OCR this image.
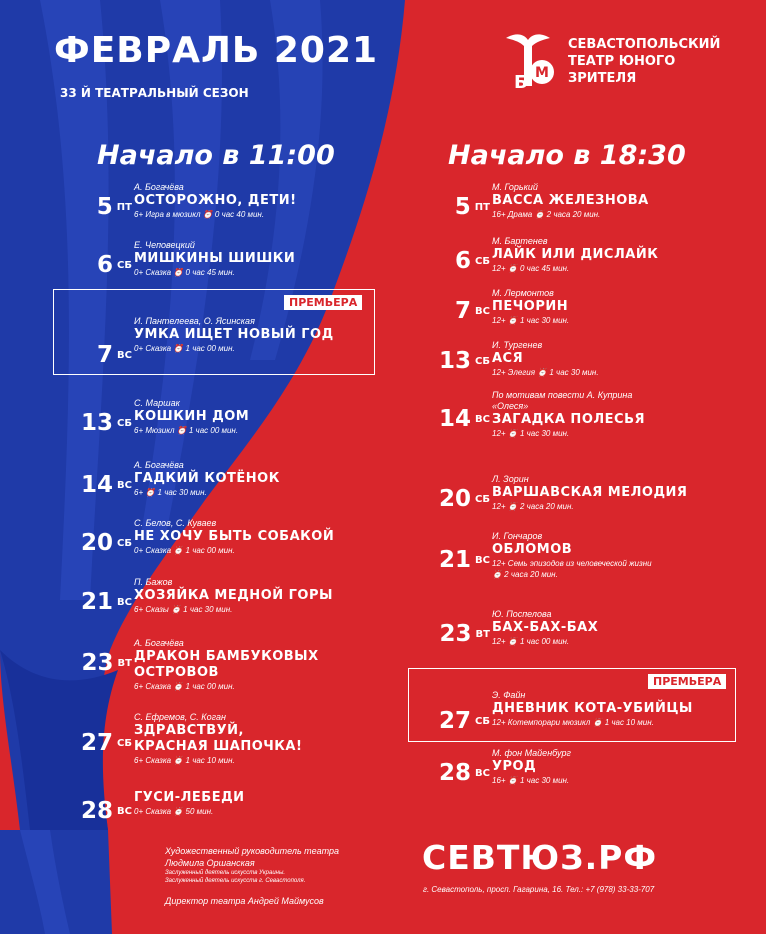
ФЕВРАЛЬ 2021
33 Й ТЕАТРАЛЬНЫЙ СЕЗОН
М
Б
СЕВАСТОПОЛЬСКИЙ
ТЕАТР ЮНОГО
ЗРИТЕЛЯ
Начало в 11:00	Начало в 18:30
ПРЕМЬЕРА
ПРЕМЬЕРА
5 ПТ
А. Богачёва
ОСТОРОЖНО, ДЕТИ!
6+ Игра в мюзикл ⏰ 0 час 40 мин.
6 СБ
Е. Чеповецкий
МИШКИНЫ ШИШКИ
0+ Сказка ⏰ 0 час 45 мин.
7 ВС
И. Пантелеева, О. Ясинская
УМКА ИЩЕТ НОВЫЙ ГОД
0+ Сказка ⏰ 1 час 00 мин.
13 СБ
С. Маршак
КОШКИН ДОМ
6+ Мюзикл ⏰ 1 час 00 мин.
14 ВС
А. Богачёва
ГАДКИЙ КОТЁНОК
6+ ⏰ 1 час 30 мин.
20 СБ
С. Белов, С. Куваев
НЕ ХОЧУ БЫТЬ СОБАКОЙ
0+ Сказка ⏰ 1 час 00 мин.
21 ВС
П. Бажов
ХОЗЯЙКА МЕДНОЙ ГОРЫ
6+ Сказы ⏰ 1 час 30 мин.
23 ВТ
А. Богачёва
ДРАКОН БАМБУКОВЫХ
ОСТРОВОВ
6+ Сказка ⏰ 1 час 00 мин.
27 СБ
С. Ефремов, С. Коган
ЗДРАВСТВУЙ,
КРАСНАЯ ШАПОЧКА!
6+ Сказка ⏰ 1 час 10 мин.
28 ВС
ГУСИ-ЛЕБЕДИ
0+ Сказка ⏰ 50 мин.
5 ПТ
М. Горький
ВАССА ЖЕЛЕЗНОВА
16+ Драма ⏰ 2 часа 20 мин.
6 СБ
М. Бартенев
ЛАЙК ИЛИ ДИСЛАЙК
12+ ⏰ 0 час 45 мин.
7 ВС
М. Лермонтов
ПЕЧОРИН
12+ ⏰ 1 час 30 мин.
13 СБ
И. Тургенев
АСЯ
12+ Элегия ⏰ 1 час 30 мин.
14 ВС
По мотивам повести А. Куприна
«Олеся»
ЗАГАДКА ПОЛЕСЬЯ
12+ ⏰ 1 час 30 мин.
20 СБ
Л. Зорин
ВАРШАВСКАЯ МЕЛОДИЯ
12+ ⏰ 2 часа 20 мин.
21 ВС
И. Гончаров
ОБЛОМОВ
12+ Семь эпизодов из человеческой жизни
⏰ 2 часа 20 мин.
23 ВТ
Ю. Поспелова
БАХ-БАХ-БАХ
12+ ⏰ 1 час 00 мин.
27 СБ
Э. Файн
ДНЕВНИК КОТА-УБИЙЦЫ
12+ Котемпорари мюзикл ⏰ 1 час 10 мин.
28 ВС
М. фон Майенбург
УРОД
16+ ⏰ 1 час 30 мин.
Художественный руководитель театра
Людмила Оршанская
Заслуженный деятель искусств Украины.
Заслуженный деятель искусств г. Севастополя.
Директор театра Андрей Маймусов
СЕВТЮЗ.РФ
г. Севастополь, просп. Гагарина, 16. Тел.: +7 (978) 33-33-707
